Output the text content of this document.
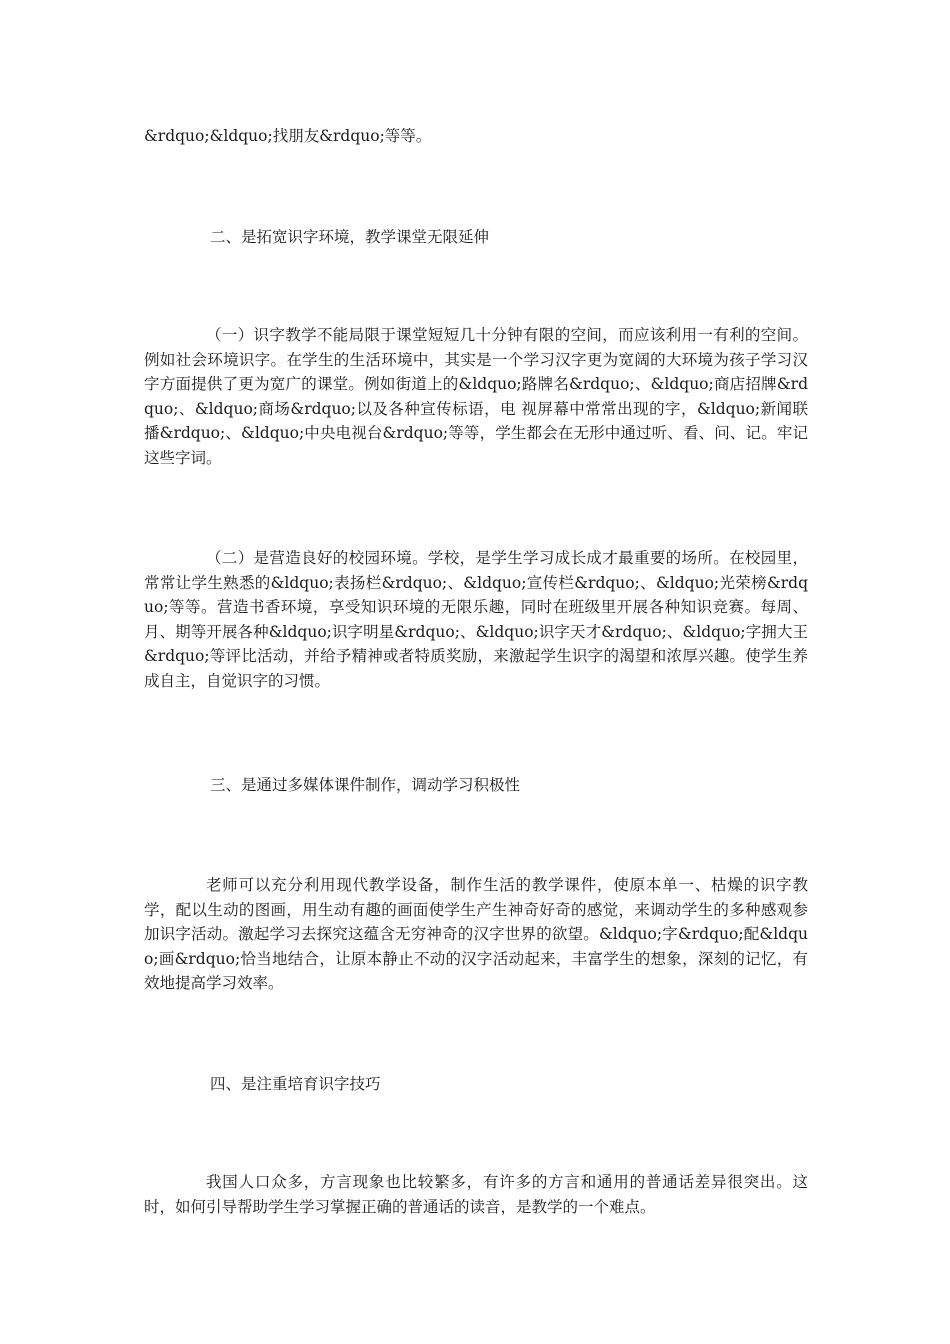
&rdquo;&ldquo;找朋友&rdquo;等等。

二、是拓宽识字环境，教学课堂无限延伸

（一）识字教学不能局限于课堂短短几十分钟有限的空间，而应该利用一有利的空间。例如社会环境识字。在学生的生活环境中，其实是一个学习汉字更为宽阔的大环境为孩子学习汉字方面提供了更为宽广的课堂。例如街道上的&ldquo;路牌名&rdquo;、&ldquo;商店招牌&rdquo;、&ldquo;商场&rdquo;以及各种宣传标语，电 视屏幕中常常出现的字，&ldquo;新闻联播&rdquo;、&ldquo;中央电视台&rdquo;等等，学生都会在无形中通过听、看、问、记。牢记这些字词。

（二）是营造良好的校园环境。学校，是学生学习成长成才最重要的场所。在校园里，常常让学生熟悉的&ldquo;表扬栏&rdquo;、&ldquo;宣传栏&rdquo;、&ldquo;光荣榜&rdquo;等等。营造书香环境，享受知识环境的无限乐趣，同时在班级里开展各种知识竞赛。每周、月、期等开展各种&ldquo;识字明星&rdquo;、&ldquo;识字天才&rdquo;、&ldquo;字拥大王&rdquo;等评比活动，并给予精神或者特质奖励，来激起学生识字的渴望和浓厚兴趣。使学生养成自主，自觉识字的习惯。

三、是通过多媒体课件制作，调动学习积极性

老师可以充分利用现代教学设备，制作生活的教学课件，使原本单一、枯燥的识字教学，配以生动的图画，用生动有趣的画面使学生产生神奇好奇的感觉，来调动学生的多种感观参加识字活动。激起学习去探究这蕴含无穷神奇的汉字世界的欲望。&ldquo;字&rdquo;配&ldquo;画&rdquo;恰当地结合，让原本静止不动的汉字活动起来，丰富学生的想象，深刻的记忆，有效地提高学习效率。

四、是注重培育识字技巧

我国人口众多，方言现象也比较繁多，有许多的方言和通用的普通话差异很突出。这时，如何引导帮助学生学习掌握正确的普通话的读音，是教学的一个难点。
